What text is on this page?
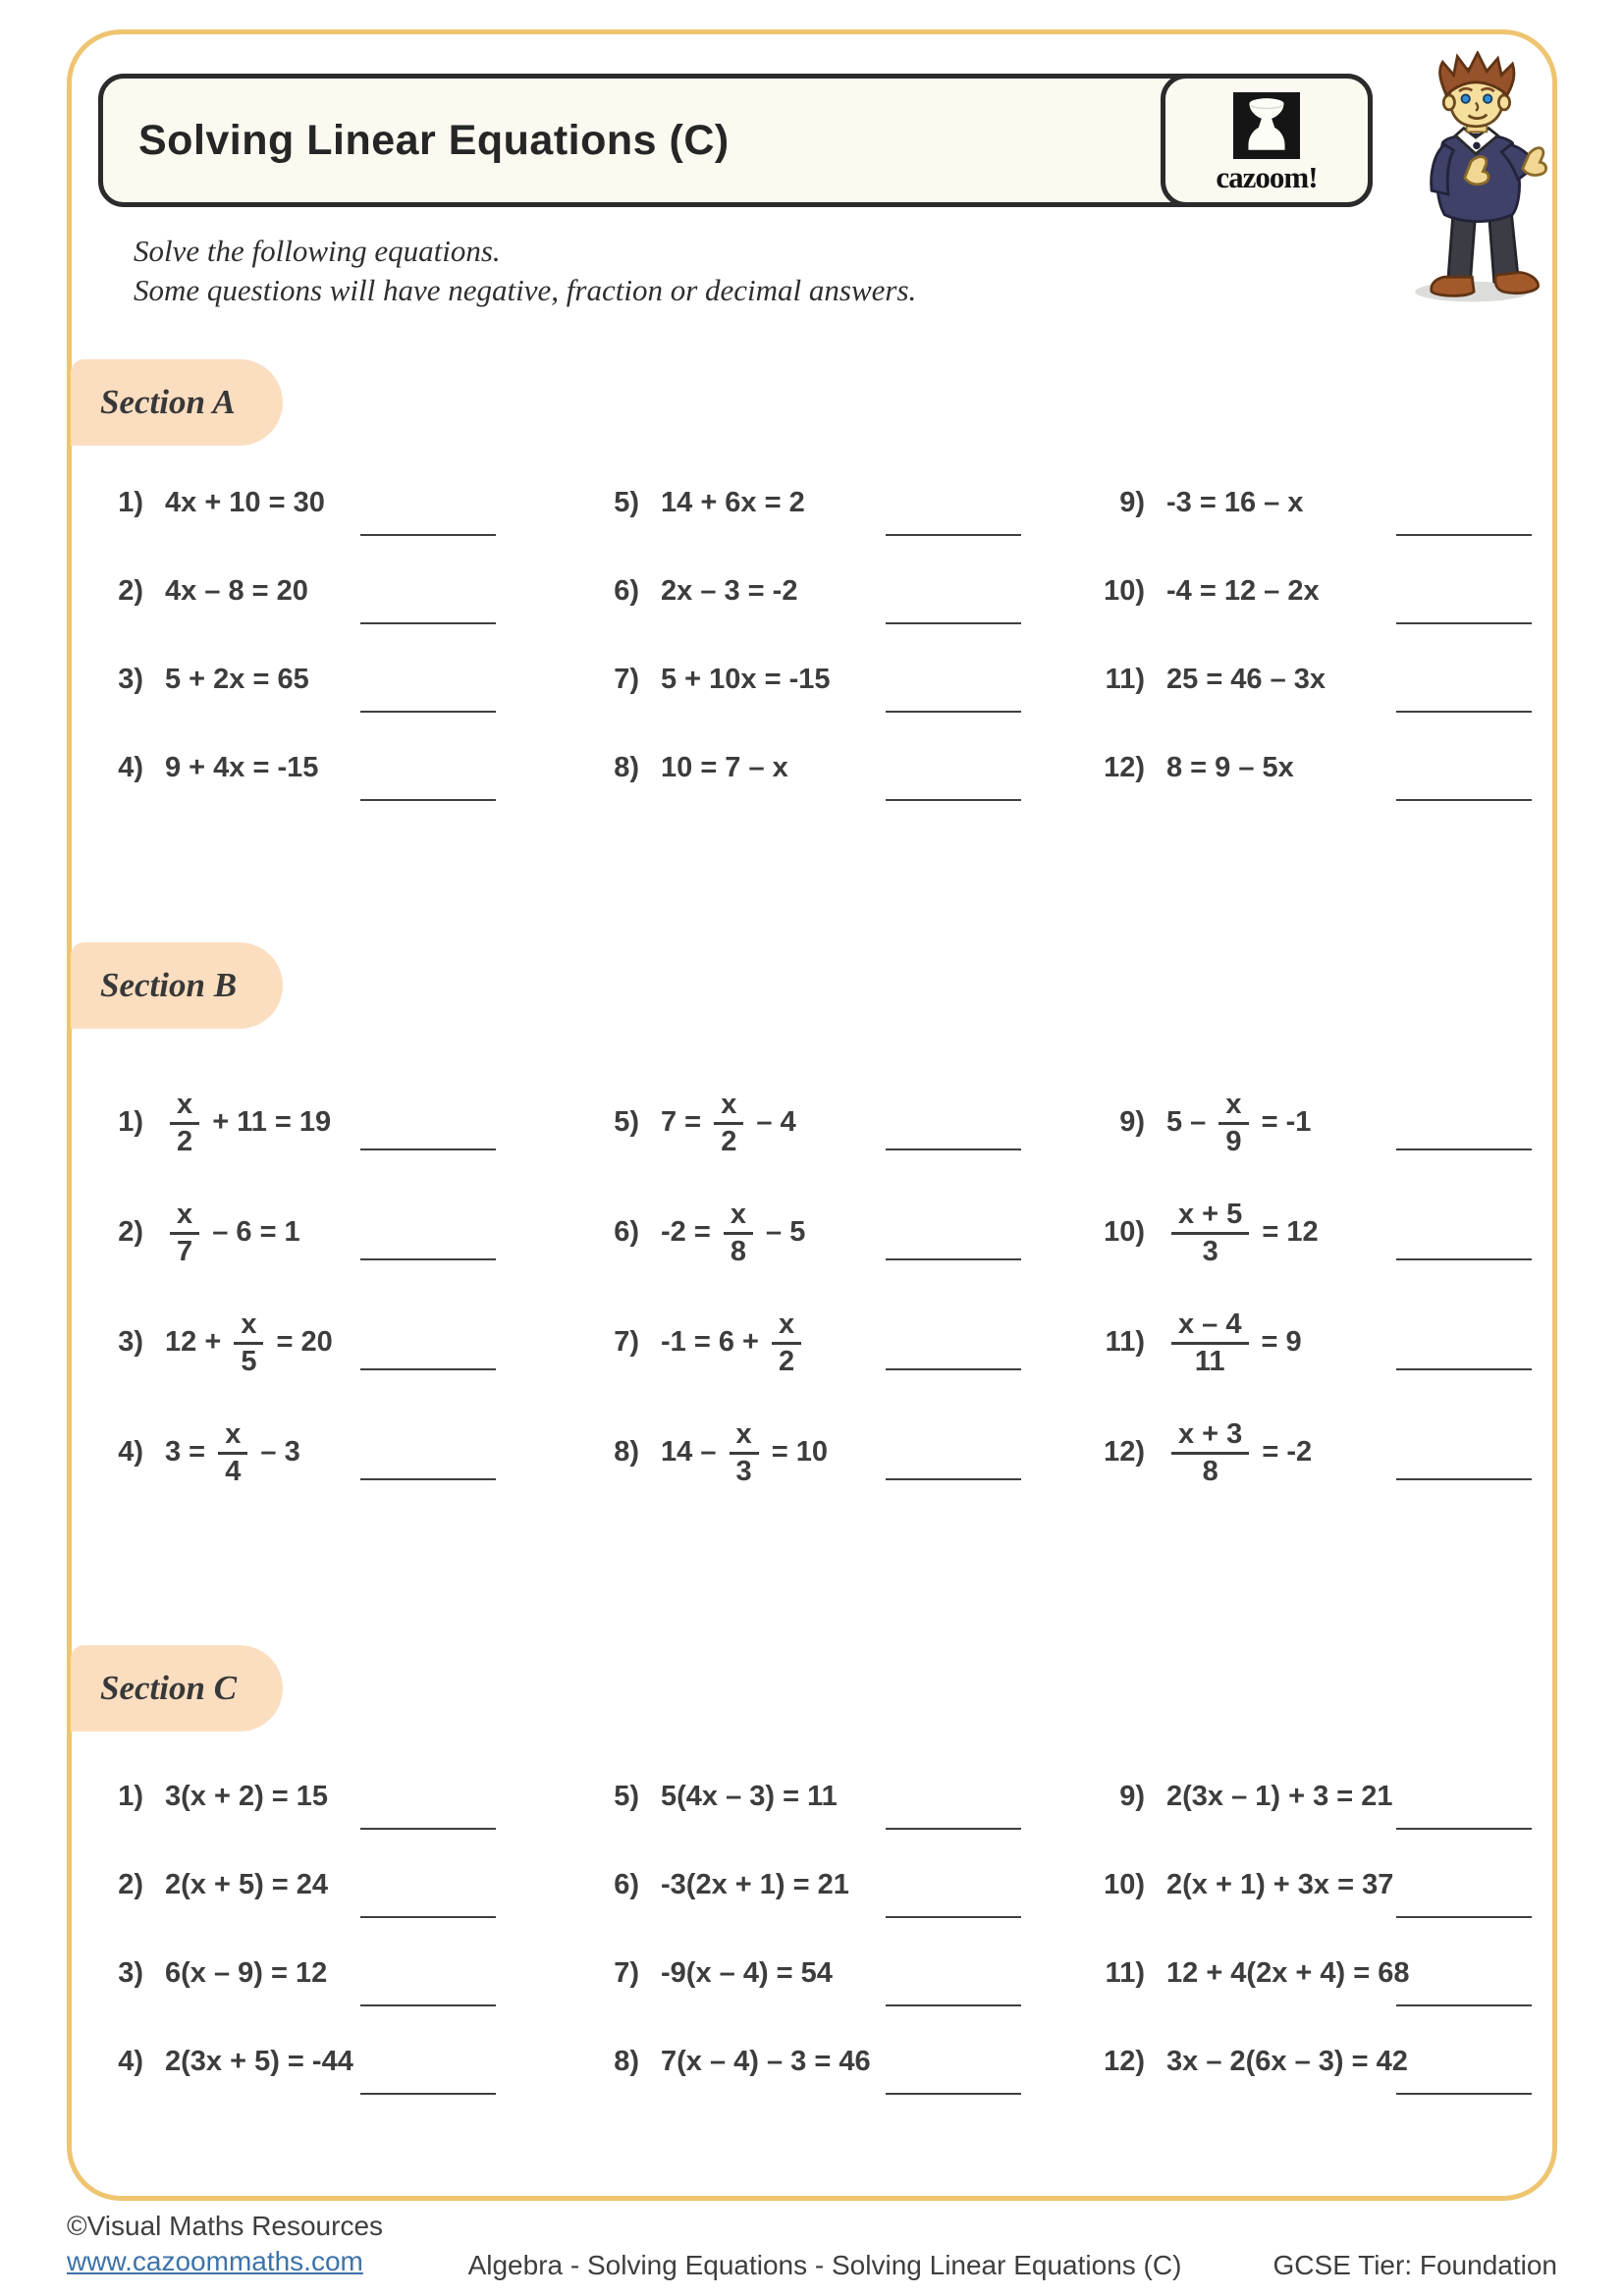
Solving Linear Equations (C)
cazoom!

Solve the following equations.

Some questions will have negative, fraction or decimal answers.

Section A
1) 4x + 10 = 30
2) 4x – 8 = 20
3) 5 + 2x = 65
4) 9 + 4x = -15
5) 14 + 6x = 2
6) 2x – 3 = -2
7) 5 + 10x = -15
8) 10 = 7 – x
9) -3 = 16 – x
10) -4 = 12 – 2x
11) 25 = 46 – 3x
12) 8 = 9 – 5x
Section B
$1) \frac{x}{2} + 11 = 19$
$2) \frac{x}{7} - 6 = 1$
3) $12 + \frac{x}{5} = 20$
4) $3 = \frac{x}{4} - 3$
5) $7 = \frac{x}{2} - 4$
6) $-2 = \frac{x}{8} - 5$
7) $-1 = 6 + \frac{x}{2}$
8) $14 - \frac{x}{3} = 10$
9) $5 - \frac{x}{9} = -1$
$10) \frac{x + 5}{3} = 12$
$11) \frac{x - 4}{11} = 9$
$12) \frac{x + 3}{8} = -2$
Section C
1) 3(x + 2) = 15
2) 2(x + 5) = 24
3) 6(x – 9) = 12
4) 2(3x + 5) = -44
5) 5(4x – 3) = 11
6) -3(2x + 1) = 21
7) -9(x – 4) = 54
8) 7(x – 4) – 3 = 46
9) 2(3x – 1) + 3 = 21
10) 2(x + 1) + 3x = 37
11) 12 + 4(2x + 4) = 68
12) 3x – 2(6x – 3) = 42
©Visual Maths Resources
www.cazoommaths.com	Algebra - Solving Equations - Solving Linear Equations (C)	GCSE Tier: Foundation
